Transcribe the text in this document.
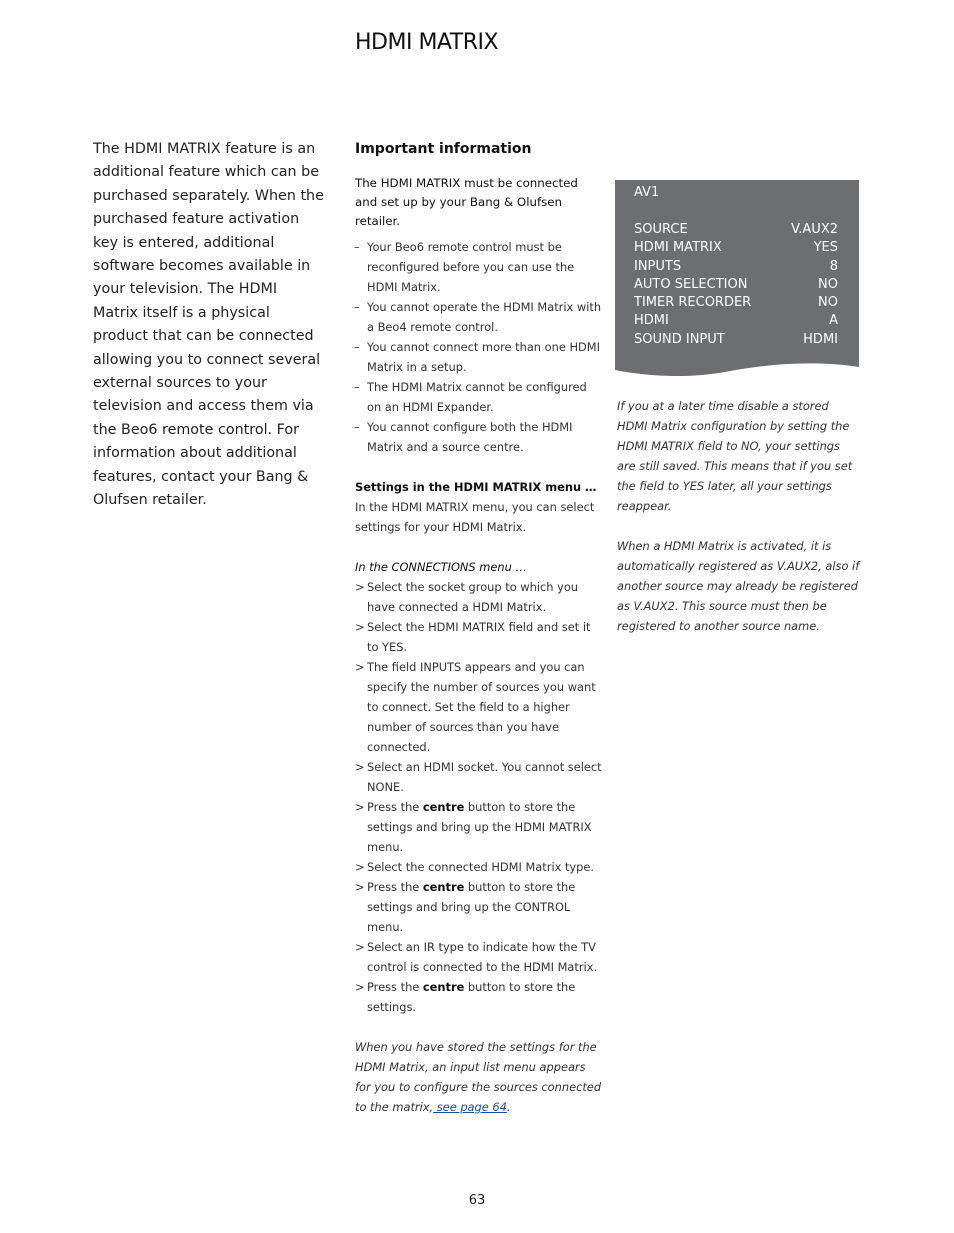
HDMI MATRIX
The HDMI MATRIX feature is an additional feature which can be purchased separately. When the purchased feature activation key is entered, additional software becomes available in your television. The HDMI Matrix itself is a physical product that can be connected allowing you to connect several external sources to your television and access them via the Beo6 remote control. For information about additional features, contact your Bang & Olufsen retailer.
Important information

The HDMI MATRIX must be connected and set up by your Bang & Olufsen retailer.

– Your Beo6 remote control must be reconfigured before you can use the HDMI Matrix.
– You cannot operate the HDMI Matrix with a Beo4 remote control.
– You cannot connect more than one HDMI Matrix in a setup.
– The HDMI Matrix cannot be configured on an HDMI Expander.
– You cannot configure both the HDMI Matrix and a source centre.
Settings in the HDMI MATRIX menu …
In the HDMI MATRIX menu, you can select settings for your HDMI Matrix.
In the CONNECTIONS menu …
> Select the socket group to which you have connected a HDMI Matrix.
> Select the HDMI MATRIX field and set it to YES.
> The field INPUTS appears and you can specify the number of sources you want to connect. Set the field to a higher number of sources than you have connected.
> Select an HDMI socket. You cannot select NONE.
> Press the centre button to store the settings and bring up the HDMI MATRIX menu.
> Select the connected HDMI Matrix type.
> Press the centre button to store the settings and bring up the CONTROL menu.
> Select an IR type to indicate how the TV control is connected to the HDMI Matrix.
> Press the centre button to store the settings.
When you have stored the settings for the HDMI Matrix, an input list menu appears for you to configure the sources connected to the matrix, see page 64.
AV1
SOURCE	V.AUX2
HDMI MATRIX	YES
INPUTS	8
AUTO SELECTION	NO
TIMER RECORDER	NO
HDMI	A
SOUND INPUT	HDMI

If you at a later time disable a stored HDMI Matrix configuration by setting the HDMI MATRIX field to NO, your settings are still saved. This means that if you set the field to YES later, all your settings reappear.

When a HDMI Matrix is activated, it is automatically registered as V.AUX2, also if another source may already be registered as V.AUX2. This source must then be registered to another source name.

63
